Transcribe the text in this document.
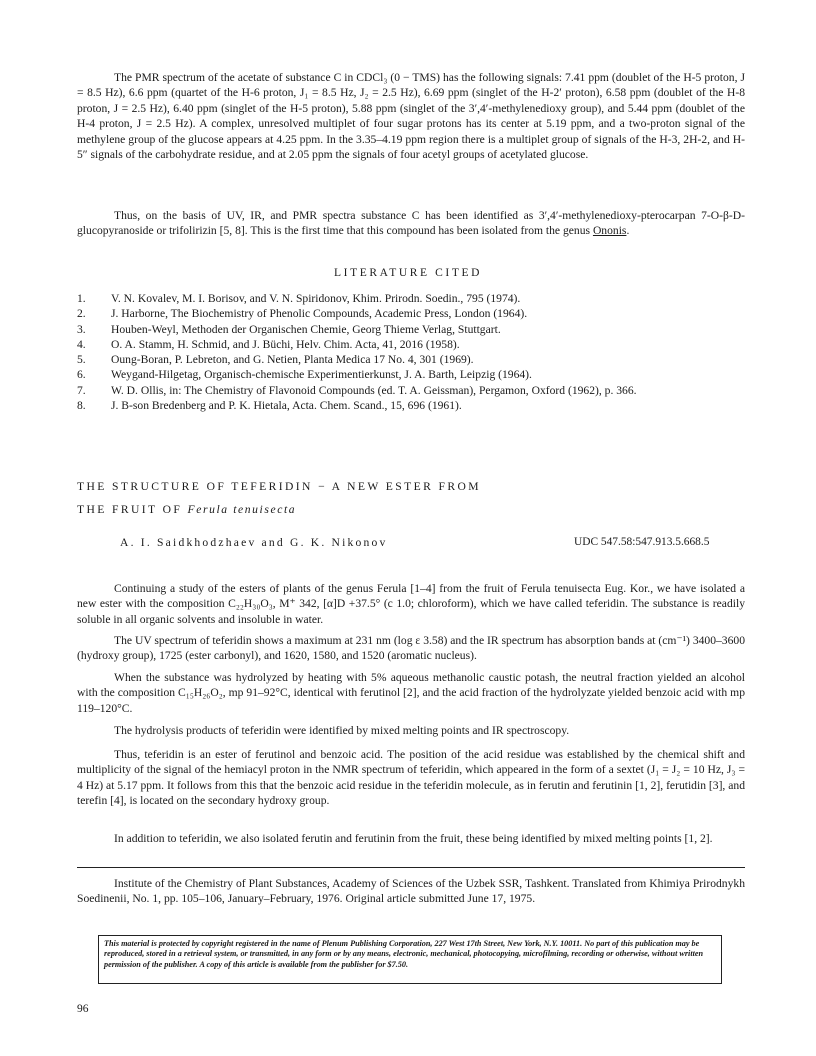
The PMR spectrum of the acetate of substance C in CDCl₃ (0 − TMS) has the following signals: 7.41 ppm (doublet of the H-5 proton, J = 8.5 Hz), 6.6 ppm (quartet of the H-6 proton, J₁ = 8.5 Hz, J₂ = 2.5 Hz), 6.69 ppm (singlet of the H-2′ proton), 6.58 ppm (doublet of the H-8 proton, J = 2.5 Hz), 6.40 ppm (singlet of the H-5 proton), 5.88 ppm (singlet of the 3′,4′-methylenedioxy group), and 5.44 ppm (doublet of the H-4 proton, J = 2.5 Hz). A complex, unresolved multiplet of four sugar protons has its center at 5.19 ppm, and a two-proton signal of the methylene group of the glucose appears at 4.25 ppm. In the 3.35–4.19 ppm region there is a multiplet group of signals of the H-3, 2H-2, and H-5″ signals of the carbohydrate residue, and at 2.05 ppm the signals of four acetyl groups of acetylated glucose.

Thus, on the basis of UV, IR, and PMR spectra substance C has been identified as 3′,4′-methylenedioxy-pterocarpan 7-O-β-D-glucopyranoside or trifolirizin [5, 8]. This is the first time that this compound has been isolated from the genus Ononis.

LITERATURE CITED

1. V. N. Kovalev, M. I. Borisov, and V. N. Spiridonov, Khim. Prirodn. Soedin., 795 (1974).
2. J. Harborne, The Biochemistry of Phenolic Compounds, Academic Press, London (1964).
3. Houben-Weyl, Methoden der Organischen Chemie, Georg Thieme Verlag, Stuttgart.
4. O. A. Stamm, H. Schmid, and J. Büchi, Helv. Chim. Acta, 41, 2016 (1958).
5. Oung-Boran, P. Lebreton, and G. Netien, Planta Medica 17 No. 4, 301 (1969).
6. Weygand-Hilgetag, Organisch-chemische Experimentierkunst, J. A. Barth, Leipzig (1964).
7. W. D. Ollis, in: The Chemistry of Flavonoid Compounds (ed. T. A. Geissman), Pergamon, Oxford (1962), p. 366.
8. J. B-son Bredenberg and P. K. Hietala, Acta. Chem. Scand., 15, 696 (1961).

THE STRUCTURE OF TEFERIDIN − A NEW ESTER FROM

THE FRUIT OF Ferula tenuisecta

A. I. Saidkhodzhaev and G. K. Nikonov	UDC 547.58:547.913.5.668.5

Continuing a study of the esters of plants of the genus Ferula [1–4] from the fruit of Ferula tenuisecta Eug. Kor., we have isolated a new ester with the composition C₂₂H₃₀O₃, M⁺ 342, [α]D +37.5° (c 1.0; chloroform), which we have called teferidin. The substance is readily soluble in all organic solvents and insoluble in water.

The UV spectrum of teferidin shows a maximum at 231 nm (log ε 3.58) and the IR spectrum has absorption bands at (cm⁻¹) 3400–3600 (hydroxy group), 1725 (ester carbonyl), and 1620, 1580, and 1520 (aromatic nucleus).

When the substance was hydrolyzed by heating with 5% aqueous methanolic caustic potash, the neutral fraction yielded an alcohol with the composition C₁₅H₂₆O₂, mp 91–92°C, identical with ferutinol [2], and the acid fraction of the hydrolyzate yielded benzoic acid with mp 119–120°C.

The hydrolysis products of teferidin were identified by mixed melting points and IR spectroscopy.

Thus, teferidin is an ester of ferutinol and benzoic acid. The position of the acid residue was established by the chemical shift and multiplicity of the signal of the hemiacyl proton in the NMR spectrum of teferidin, which appeared in the form of a sextet (J₁ = J₂ = 10 Hz, J₃ = 4 Hz) at 5.17 ppm. It follows from this that the benzoic acid residue in the teferidin molecule, as in ferutin and ferutinin [1, 2], ferutidin [3], and terefin [4], is located on the secondary hydroxy group.

In addition to teferidin, we also isolated ferutin and ferutinin from the fruit, these being identified by mixed melting points [1, 2].

Institute of the Chemistry of Plant Substances, Academy of Sciences of the Uzbek SSR, Tashkent. Translated from Khimiya Prirodnykh Soedinenii, No. 1, pp. 105–106, January–February, 1976. Original article submitted June 17, 1975.

This material is protected by copyright registered in the name of Plenum Publishing Corporation, 227 West 17th Street, New York, N.Y. 10011. No part of this publication may be reproduced, stored in a retrieval system, or transmitted, in any form or by any means, electronic, mechanical, photocopying, microfilming, recording or otherwise, without written permission of the publisher. A copy of this article is available from the publisher for $7.50.

96
